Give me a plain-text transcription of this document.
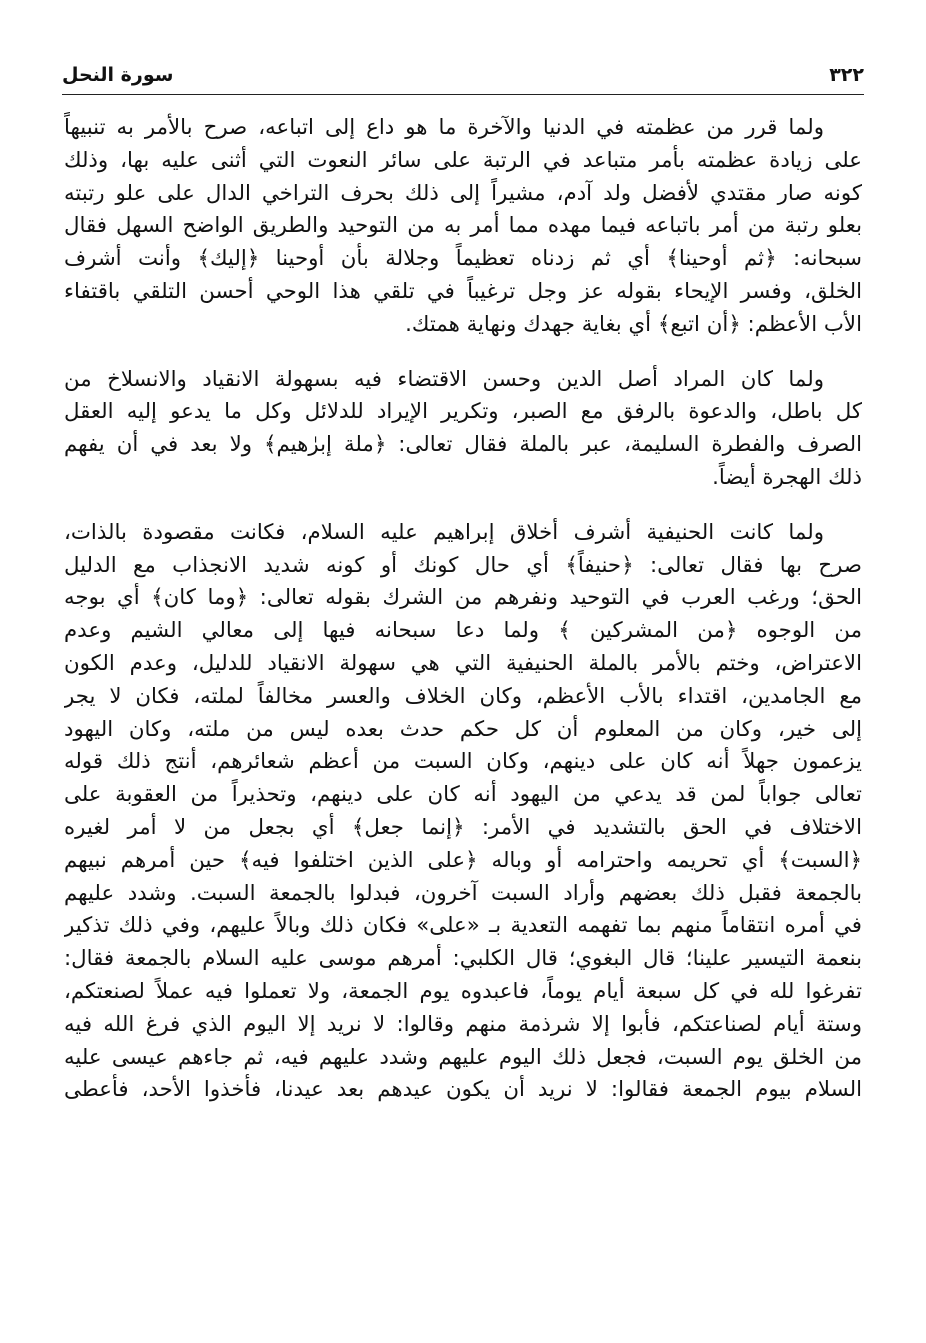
سورة النحل	٣٢٢
ولما قرر من عظمته في الدنيا والآخرة ما هو داع إلى اتباعه، صرح بالأمر به تنبيهاً
على زيادة عظمته بأمر متباعد في الرتبة على سائر النعوت التي أثنى عليه بها، وذلك
كونه صار مقتدي لأفضل ولد آدم، مشيراً إلى ذلك بحرف التراخي الدال على علو رتبته
بعلو رتبة من أمر باتباعه فيما مهده مما أمر به من التوحيد والطريق الواضح السهل فقال
سبحانه: ﴿ثم أوحينا﴾ أي ثم زدناه تعظيماً وجلالة بأن أوحينا ﴿إليك﴾ وأنت أشرف
الخلق، وفسر الإيحاء بقوله عز وجل ترغيباً في تلقي هذا الوحي أحسن التلقي باقتفاء
الأب الأعظم: ﴿أن اتبع﴾ أي بغاية جهدك ونهاية همتك.
ولما كان المراد أصل الدين وحسن الاقتضاء فيه بسهولة الانقياد والانسلاخ من
كل باطل، والدعوة بالرفق مع الصبر، وتكرير الإيراد للدلائل وكل ما يدعو إليه العقل
الصرف والفطرة السليمة، عبر بالملة فقال تعالى: ﴿ملة إبرٰهيم﴾ ولا بعد في أن يفهم
ذلك الهجرة أيضاً.
ولما كانت الحنيفية أشرف أخلاق إبراهيم عليه السلام، فكانت مقصودة بالذات،
صرح بها فقال تعالى: ﴿حنيفاً﴾ أي حال كونك أو كونه شديد الانجذاب مع الدليل
الحق؛ ورغب العرب في التوحيد ونفرهم من الشرك بقوله تعالى: ﴿وما كان﴾ أي بوجه
من الوجوه ﴿من المشركين ﴾ ولما دعا سبحانه فيها إلى معالي الشيم وعدم
الاعتراض، وختم بالأمر بالملة الحنيفية التي هي سهولة الانقياد للدليل، وعدم الكون
مع الجامدين، اقتداء بالأب الأعظم، وكان الخلاف والعسر مخالفاً لملته، فكان لا يجر
إلى خير، وكان من المعلوم أن كل حكم حدث بعده ليس من ملته، وكان اليهود
يزعمون جهلاً أنه كان على دينهم، وكان السبت من أعظم شعائرهم، أنتج ذلك قوله
تعالى جواباً لمن قد يدعي من اليهود أنه كان على دينهم، وتحذيراً من العقوبة على
الاختلاف في الحق بالتشديد في الأمر: ﴿إنما جعل﴾ أي بجعل من لا أمر لغيره
﴿السبت﴾ أي تحريمه واحترامه أو وباله ﴿على الذين اختلفوا فيه﴾ حين أمرهم نبيهم
بالجمعة فقبل ذلك بعضهم وأراد السبت آخرون، فبدلوا بالجمعة السبت. وشدد عليهم
في أمره انتقاماً منهم بما تفهمه التعدية بـ «على» فكان ذلك وبالاً عليهم، وفي ذلك تذكير
بنعمة التيسير علينا؛ قال البغوي؛ قال الكلبي: أمرهم موسى عليه السلام بالجمعة فقال:
تفرغوا لله في كل سبعة أيام يوماً، فاعبدوه يوم الجمعة، ولا تعملوا فيه عملاً لصنعتكم،
وستة أيام لصناعتكم، فأبوا إلا شرذمة منهم وقالوا: لا نريد إلا اليوم الذي فرغ الله فيه
من الخلق يوم السبت، فجعل ذلك اليوم عليهم وشدد عليهم فيه، ثم جاءهم عيسى عليه
السلام بيوم الجمعة فقالوا: لا نريد أن يكون عيدهم بعد عيدنا، فأخذوا الأحد، فأعطى
